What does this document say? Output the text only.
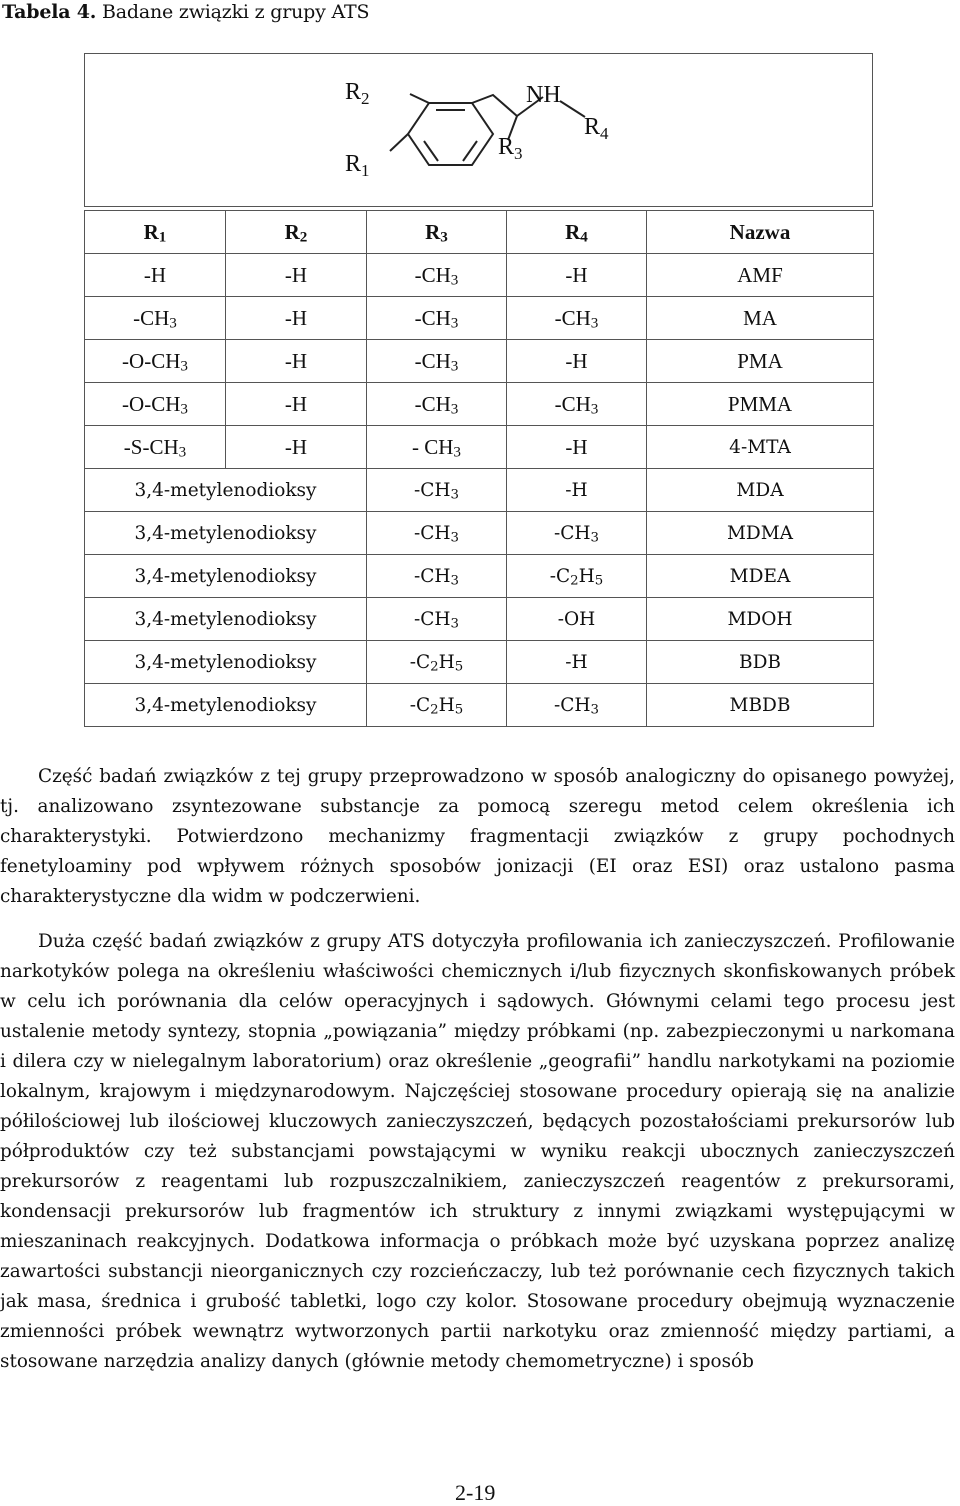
Tabela 4. Badane związki z grupy ATS
$R_2$
$R_1$
$R_3$
NH
$R_4$
$R_1$	$R_2$	$R_3$	$R_4$	Nazwa
-H	-H	$-CH_3$	-H	AMF
$-CH_3$	-H	$-CH_3$	$-CH_3$	MA
$-O-CH_3$	-H	$-CH_3$	-H	PMA
$-O-CH_3$	-H	$-CH_3$	$-CH_3$	PMMA
$-S-CH_3$	-H	- $CH_3$	-H	4-MTA
3,4-metylenodioksy		$-CH_3$	-H	MDA
3,4-metylenodioksy		$-CH_3$	$-CH_3$	MDMA
3,4-metylenodioksy		$-CH_3$	$-C_2H_5$	MDEA
3,4-metylenodioksy		$-CH_3$	-OH	MDOH
3,4-metylenodioksy		$-C_2H_5$	-H	BDB
3,4-metylenodioksy		$-C_2H_5$	$-CH_3$	MBDB

Część badań związków z tej grupy przeprowadzono w sposób analogiczny do opisanego powyżej, tj. analizowano zsyntezowane substancje za pomocą szeregu metod celem określenia ich charakterystyki. Potwierdzono mechanizmy fragmentacji związków z grupy pochodnych fenetyloaminy pod wpływem różnych sposobów jonizacji (EI oraz ESI) oraz ustalono pasma charakterystyczne dla widm w podczerwieni.

Duża część badań związków z grupy ATS dotyczyła profilowania ich zanieczyszczeń. Profilowanie narkotyków polega na określeniu właściwości chemicznych i/lub fizycznych skonfiskowanych próbek w celu ich porównania dla celów operacyjnych i sądowych. Głównymi celami tego procesu jest ustalenie metody syntezy, stopnia „powiązania” między próbkami (np. zabezpieczonymi u narkomana i dilera czy w nielegalnym laboratorium) oraz określenie „geografii” handlu narkotykami na poziomie lokalnym, krajowym i międzynarodowym. Najczęściej stosowane procedury opierają się na analizie półilościowej lub ilościowej kluczowych zanieczyszczeń, będących pozostałościami prekursorów lub półproduktów czy też substancjami powstającymi w wyniku reakcji ubocznych zanieczyszczeń prekursorów z reagentami lub rozpuszczalnikiem, zanieczyszczeń reagentów z prekursorami, kondensacji prekursorów lub fragmentów ich struktury z innymi związkami występującymi w mieszaninach reakcyjnych. Dodatkowa informacja o próbkach może być uzyskana poprzez analizę zawartości substancji nieorganicznych czy rozcieńczaczy, lub też porównanie cech fizycznych takich jak masa, średnica i grubość tabletki, logo czy kolor. Stosowane procedury obejmują wyznaczenie zmienności próbek wewnątrz wytworzonych partii narkotyku oraz zmienność między partiami, a stosowane narzędzia analizy danych (głównie metody chemometryczne) i sposób

2-19
